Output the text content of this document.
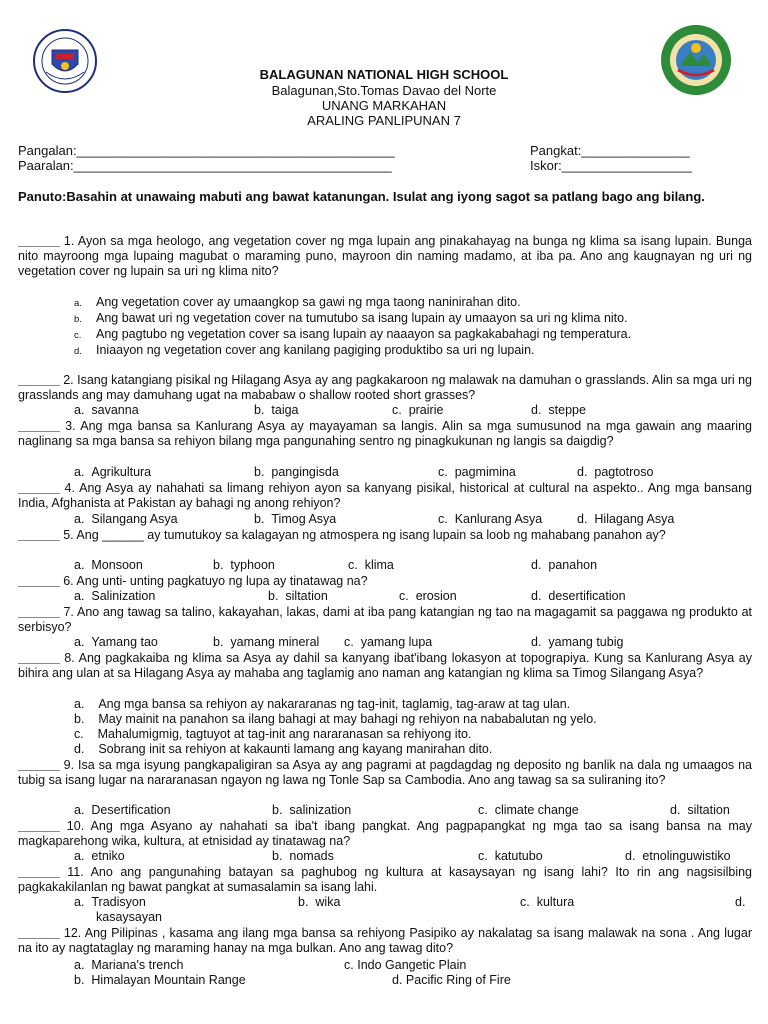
BALAGUNAN NATIONAL HIGH SCHOOL
Balagunan,Sto.Tomas Davao del Norte
UNANG MARKAHAN
ARALING PANLIPUNAN 7
Pangalan:____________________________________________
Paaralan:____________________________________________
Pangkat:_______________
Iskor:__________________
Panuto:Basahin at unawaing mabuti ang bawat katanungan. Isulat ang iyong sagot sa patlang bago ang bilang.
______ 1. Ayon sa mga heologo, ang vegetation cover ng mga lupain ang pinakahayag na bunga ng klima sa isang lupain. Bunga nito mayroong mga lupaing magubat o maraming puno, mayroon din naming madamo, at iba pa. Ano ang kaugnayan ng uri ng vegetation cover ng lupain sa uri ng klima nito?
a. Ang vegetation cover ay umaangkop sa gawi ng mga taong naninirahan dito.
b. Ang bawat uri ng vegetation cover na tumutubo sa isang lupain ay umaayon sa uri ng klima nito.
c. Ang pagtubo ng vegetation cover sa isang lupain ay naaayon sa pagkakabahagi ng temperatura.
d. Iniaayon ng vegetation cover ang kanilang pagiging produktibo sa uri ng lupain.
______ 2. Isang katangiang pisikal ng Hilagang Asya ay ang pagkakaroon ng malawak na damuhan o grasslands. Alin sa mga uri ng grasslands ang may damuhang ugat na mababaw o shallow rooted short grasses?
a. savanna	b. taiga	c. prairie	d. steppe
______ 3. Ang mga bansa sa Kanlurang Asya ay mayayaman sa langis. Alin sa mga sumusunod na mga gawain ang maaring naglinang sa mga bansa sa rehiyon bilang mga pangunahing sentro ng pinagkukunan ng langis sa daigdig?
a. Agrikultura	b. pangingisda	c. pagmimina	d. pagtotroso
______ 4. Ang Asya ay nahahati sa limang rehiyon ayon sa kanyang pisikal, historical at cultural na aspekto.. Ang mga bansang India, Afghanista at Pakistan ay bahagi ng anong rehiyon?
a. Silangang Asya	b. Timog Asya	c. Kanlurang Asya	d. Hilagang Asya
______ 5. Ang ______ ay tumutukoy sa kalagayan ng atmospera ng isang lupain sa loob ng mahabang panahon ay?
a. Monsoon	b. typhoon	c. klima	d. panahon
______ 6. Ang unti- unting pagkatuyo ng lupa ay tinatawag na?
a. Salinization	b. siltation	c. erosion	d. desertification
______ 7. Ano ang tawag sa talino, kakayahan, lakas, dami at iba pang katangian ng tao na magagamit sa paggawa ng produkto at serbisyo?
a. Yamang tao	b. yamang mineral c. yamang lupa	d. yamang tubig
______ 8. Ang pagkakaiba ng klima sa Asya ay dahil sa kanyang ibat'ibang lokasyon at topograpiya. Kung sa Kanlurang Asya ay bihira ang ulan at sa Hilagang Asya ay mahaba ang taglamig ano naman ang katangian ng klima sa Timog Silangang Asya?
a. Ang mga bansa sa rehiyon ay nakararanas ng tag-init, taglamig, tag-araw at tag ulan.
b. May mainit na panahon sa ilang bahagi at may bahagi ng rehiyon na nababalutan ng yelo.
c. Mahalumigmig, tagtuyot at tag-init ang nararanasan sa rehiyong ito.
d. Sobrang init sa rehiyon at kakaunti lamang ang kayang manirahan dito.
______ 9. Isa sa mga isyung pangkapaligiran sa Asya ay ang pagrami at pagdagdag ng deposito ng banlik na dala ng umaagos na tubig sa isang lugar na nararanasan ngayon ng lawa ng Tonle Sap sa Cambodia. Ano ang tawag sa sa suliraning ito?
a. Desertification	b. salinization	c. climate change	d. siltation
______ 10. Ang mga Asyano ay nahahati sa iba't ibang pangkat. Ang pagpapangkat ng mga tao sa isang bansa na may magkaparehong wika, kultura, at etnisidad ay tinatawag na?
a. etniko	b. nomads	c. katutubo	d. etnolinguwistiko
______ 11. Ano ang pangunahing batayan sa paghubog ng kultura at kasaysayan ng isang lahi? Ito rin ang nagsisilbing pagkakakilanlan ng bawat pangkat at sumasalamin sa isang lahi.
a. Tradisyon	b. wika	c. kultura	d.
kasaysayan
______ 12. Ang Pilipinas , kasama ang ilang mga bansa sa rehiyong Pasipiko ay nakalatag sa isang malawak na sona . Ang lugar na ito ay nagtataglay ng maraming hanay na mga bulkan. Ano ang tawag dito?
a. Mariana's trench
b. Himalayan Mountain Range
c. Indo Gangetic Plain
d. Pacific Ring of Fire
